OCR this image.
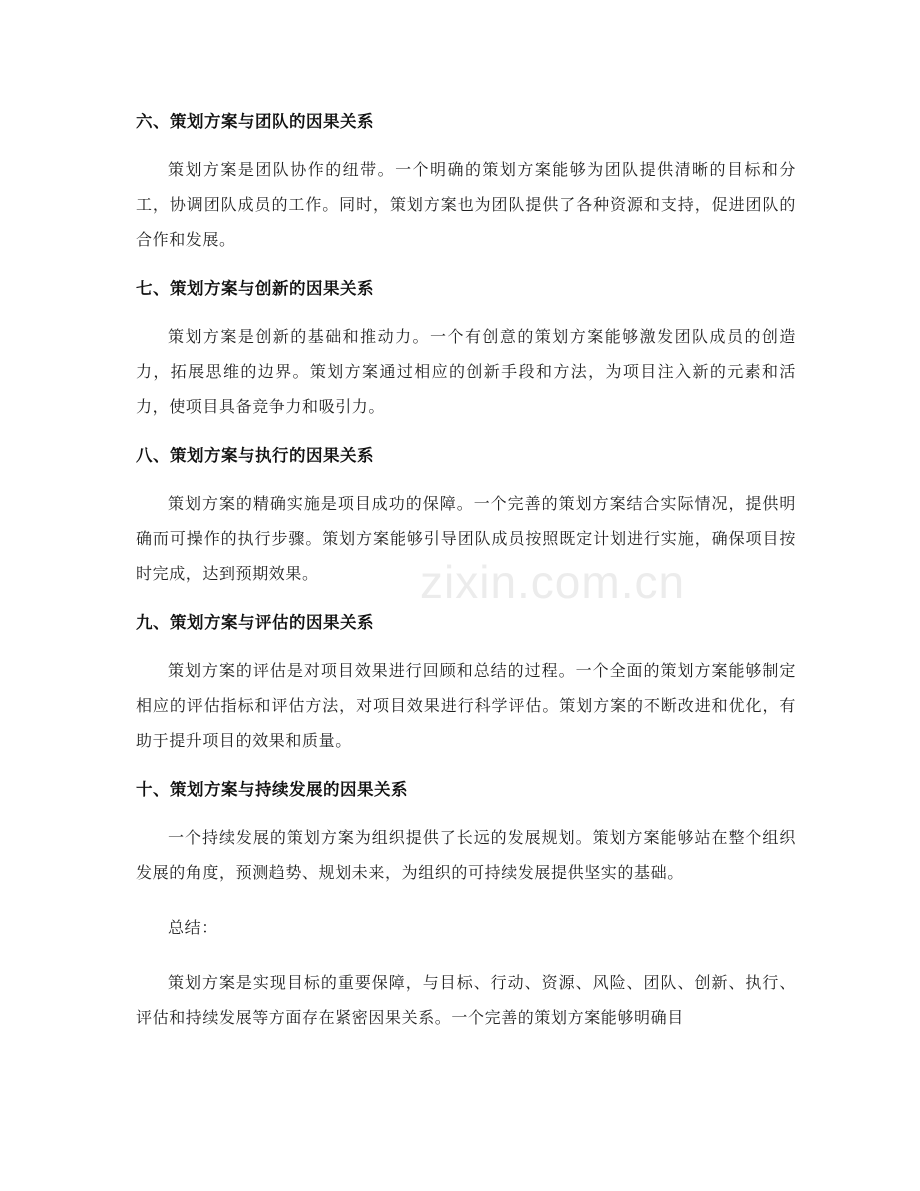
zixin.com.cn
六、策划方案与团队的因果关系

策划方案是团队协作的纽带。一个明确的策划方案能够为团队提供清晰的目标和分工，协调团队成员的工作。同时，策划方案也为团队提供了各种资源和支持，促进团队的合作和发展。

七、策划方案与创新的因果关系

策划方案是创新的基础和推动力。一个有创意的策划方案能够激发团队成员的创造力，拓展思维的边界。策划方案通过相应的创新手段和方法，为项目注入新的元素和活力，使项目具备竞争力和吸引力。

八、策划方案与执行的因果关系

策划方案的精确实施是项目成功的保障。一个完善的策划方案结合实际情况，提供明确而可操作的执行步骤。策划方案能够引导团队成员按照既定计划进行实施，确保项目按时完成，达到预期效果。

九、策划方案与评估的因果关系

策划方案的评估是对项目效果进行回顾和总结的过程。一个全面的策划方案能够制定相应的评估指标和评估方法，对项目效果进行科学评估。策划方案的不断改进和优化，有助于提升项目的效果和质量。

十、策划方案与持续发展的因果关系

一个持续发展的策划方案为组织提供了长远的发展规划。策划方案能够站在整个组织发展的角度，预测趋势、规划未来，为组织的可持续发展提供坚实的基础。

总结：

策划方案是实现目标的重要保障，与目标、行动、资源、风险、团队、创新、执行、评估和持续发展等方面存在紧密因果关系。一个完善的策划方案能够明确目
